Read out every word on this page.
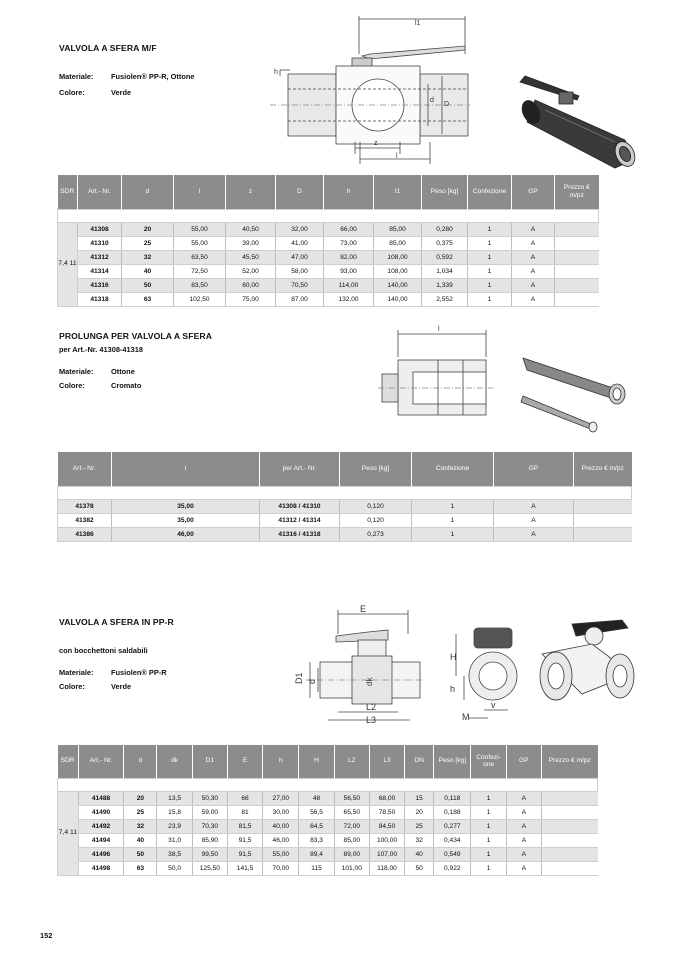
VALVOLA A SFERA M/F
Materiale: Fusiolen® PP-R, Ottone
Colore:	Verde
l1
h
d
D
z
l
SDR	Art.- Nr.	d	l	z	D	h	l1	Peso [kg]	Confezione	GP	Prezzo € m/pz

7,4 11	41308	20	55,00	40,50	32,00	66,00	85,00	0,280	1	A	
	41310	25	55,00	39,00	41,00	73,00	85,00	0,375	1	A	
	41312	32	63,50	45,50	47,00	82,00	108,00	0,592	1	A	
	41314	40	72,50	52,00	58,00	93,00	108,00	1,034	1	A	
	41316	50	83,50	60,00	70,50	114,00	140,00	1,339	1	A	
	41318	63	102,50	75,00	87,00	132,00	140,00	2,552	1	A	
PROLUNGA PER VALVOLA A SFERA
per Art.-Nr. 41308-41318
Materiale: Ottone
Colore:	Cromato
l
Art.- Nr.	l	per Art.- Nr.	Peso [kg]	Confezione	GP	Prezzo € m/pz

41378	35,00	41308 / 41310	0,120	1	A	
41382	35,00	41312 / 41314	0,120	1	A	
41386	46,00	41316 / 41318	0,273	1	A	
VALVOLA A SFERA IN PP-R
con bocchettoni saldabili
Materiale: Fusiolen® PP-R
Colore:	Verde
E
D1 d	dk
L2
L3
H
h
v
M
SDR	Art.- Nr.	d	dk	D1	E	h	H	L2	L3	DN	Peso [kg]	Confezi- one	GP	Prezzo € m/pz

7,4 11	41488	20	13,5	50,30	66	27,00	48	56,50	68,00	15	0,118	1	A	
	41490	25	15,8	59,00	81	30,00	56,5	65,50	78,50	20	0,188	1	A	
	41492	32	23,9	70,30	81,5	40,00	64,5	72,00	84,50	25	0,277	1	A	
	41494	40	31,0	85,90	91,5	46,00	83,3	85,00	100,00	32	0,434	1	A	
	41496	50	38,5	99,50	91,5	55,00	89,4	89,00	107,00	40	0,549	1	A	
	41498	63	50,0	125,50	141,5	70,00	115	101,00	118,00	50	0,922	1	A	
152
